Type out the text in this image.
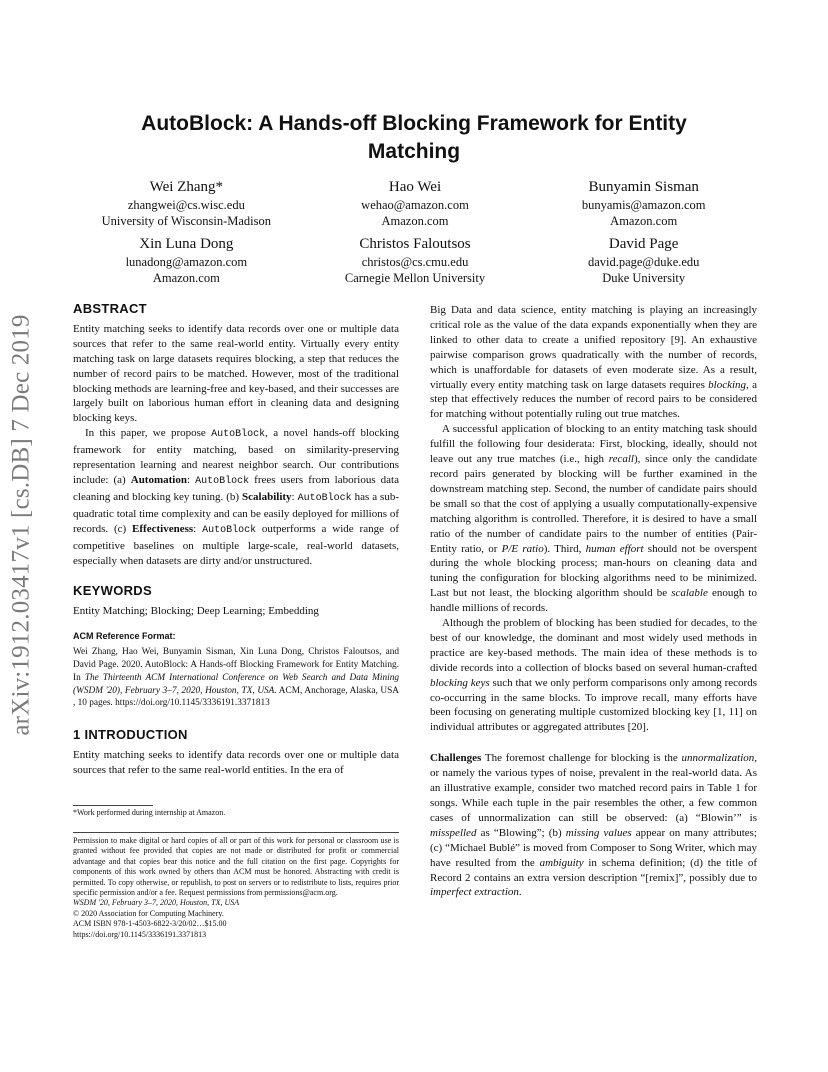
arXiv:1912.03417v1 [cs.DB] 7 Dec 2019
AutoBlock: A Hands-off Blocking Framework for Entity Matching
Wei Zhang*
zhangwei@cs.wisc.edu
University of Wisconsin-Madison
Hao Wei
wehao@amazon.com
Amazon.com
Bunyamin Sisman
bunyamis@amazon.com
Amazon.com
Xin Luna Dong
lunadong@amazon.com
Amazon.com
Christos Faloutsos
christos@cs.cmu.edu
Carnegie Mellon University
David Page
david.page@duke.edu
Duke University
ABSTRACT

Entity matching seeks to identify data records over one or multiple data sources that refer to the same real-world entity. Virtually every entity matching task on large datasets requires blocking, a step that reduces the number of record pairs to be matched. However, most of the traditional blocking methods are learning-free and key-based, and their successes are largely built on laborious human effort in cleaning data and designing blocking keys.

In this paper, we propose AutoBlock, a novel hands-off blocking framework for entity matching, based on similarity-preserving representation learning and nearest neighbor search. Our contributions include: (a) Automation: AutoBlock frees users from laborious data cleaning and blocking key tuning. (b) Scalability: AutoBlock has a sub-quadratic total time complexity and can be easily deployed for millions of records. (c) Effectiveness: AutoBlock outperforms a wide range of competitive baselines on multiple large-scale, real-world datasets, especially when datasets are dirty and/or unstructured.

KEYWORDS

Entity Matching; Blocking; Deep Learning; Embedding

ACM Reference Format:

Wei Zhang, Hao Wei, Bunyamin Sisman, Xin Luna Dong, Christos Faloutsos, and David Page. 2020. AutoBlock: A Hands-off Blocking Framework for Entity Matching. In The Thirteenth ACM International Conference on Web Search and Data Mining (WSDM '20), February 3–7, 2020, Houston, TX, USA. ACM, Anchorage, Alaska, USA , 10 pages. https://doi.org/10.1145/3336191.3371813

1 INTRODUCTION

Entity matching seeks to identify data records over one or multiple data sources that refer to the same real-world entities. In the era of

*Work performed during internship at Amazon.

Permission to make digital or hard copies of all or part of this work for personal or classroom use is granted without fee provided that copies are not made or distributed for profit or commercial advantage and that copies bear this notice and the full citation on the first page. Copyrights for components of this work owned by others than ACM must be honored. Abstracting with credit is permitted. To copy otherwise, or republish, to post on servers or to redistribute to lists, requires prior specific permission and/or a fee. Request permissions from permissions@acm.org.

WSDM '20, February 3–7, 2020, Houston, TX, USA

© 2020 Association for Computing Machinery.

ACM ISBN 978-1-4503-6822-3/20/02…$15.00

https://doi.org/10.1145/3336191.3371813

Big Data and data science, entity matching is playing an increasingly critical role as the value of the data expands exponentially when they are linked to other data to create a unified repository [9]. An exhaustive pairwise comparison grows quadratically with the number of records, which is unaffordable for datasets of even moderate size. As a result, virtually every entity matching task on large datasets requires blocking, a step that effectively reduces the number of record pairs to be considered for matching without potentially ruling out true matches.

A successful application of blocking to an entity matching task should fulfill the following four desiderata: First, blocking, ideally, should not leave out any true matches (i.e., high recall), since only the candidate record pairs generated by blocking will be further examined in the downstream matching step. Second, the number of candidate pairs should be small so that the cost of applying a usually computationally-expensive matching algorithm is controlled. Therefore, it is desired to have a small ratio of the number of candidate pairs to the number of entities (Pair-Entity ratio, or P/E ratio). Third, human effort should not be overspent during the whole blocking process; man-hours on cleaning data and tuning the configuration for blocking algorithms need to be minimized. Last but not least, the blocking algorithm should be scalable enough to handle millions of records.

Although the problem of blocking has been studied for decades, to the best of our knowledge, the dominant and most widely used methods in practice are key-based methods. The main idea of these methods is to divide records into a collection of blocks based on several human-crafted blocking keys such that we only perform comparisons only among records co-occurring in the same blocks. To improve recall, many efforts have been focusing on generating multiple customized blocking key [1, 11] on individual attributes or aggregated attributes [20].

Challenges The foremost challenge for blocking is the unnormalization, or namely the various types of noise, prevalent in the real-world data. As an illustrative example, consider two matched record pairs in Table 1 for songs. While each tuple in the pair resembles the other, a few common cases of unnormalization can still be observed: (a) “Blowin’” is misspelled as “Blowing”; (b) missing values appear on many attributes; (c) “Michael Bublé” is moved from Composer to Song Writer, which may have resulted from the ambiguity in schema definition; (d) the title of Record 2 contains an extra version description “[remix]”, possibly due to imperfect extraction.
